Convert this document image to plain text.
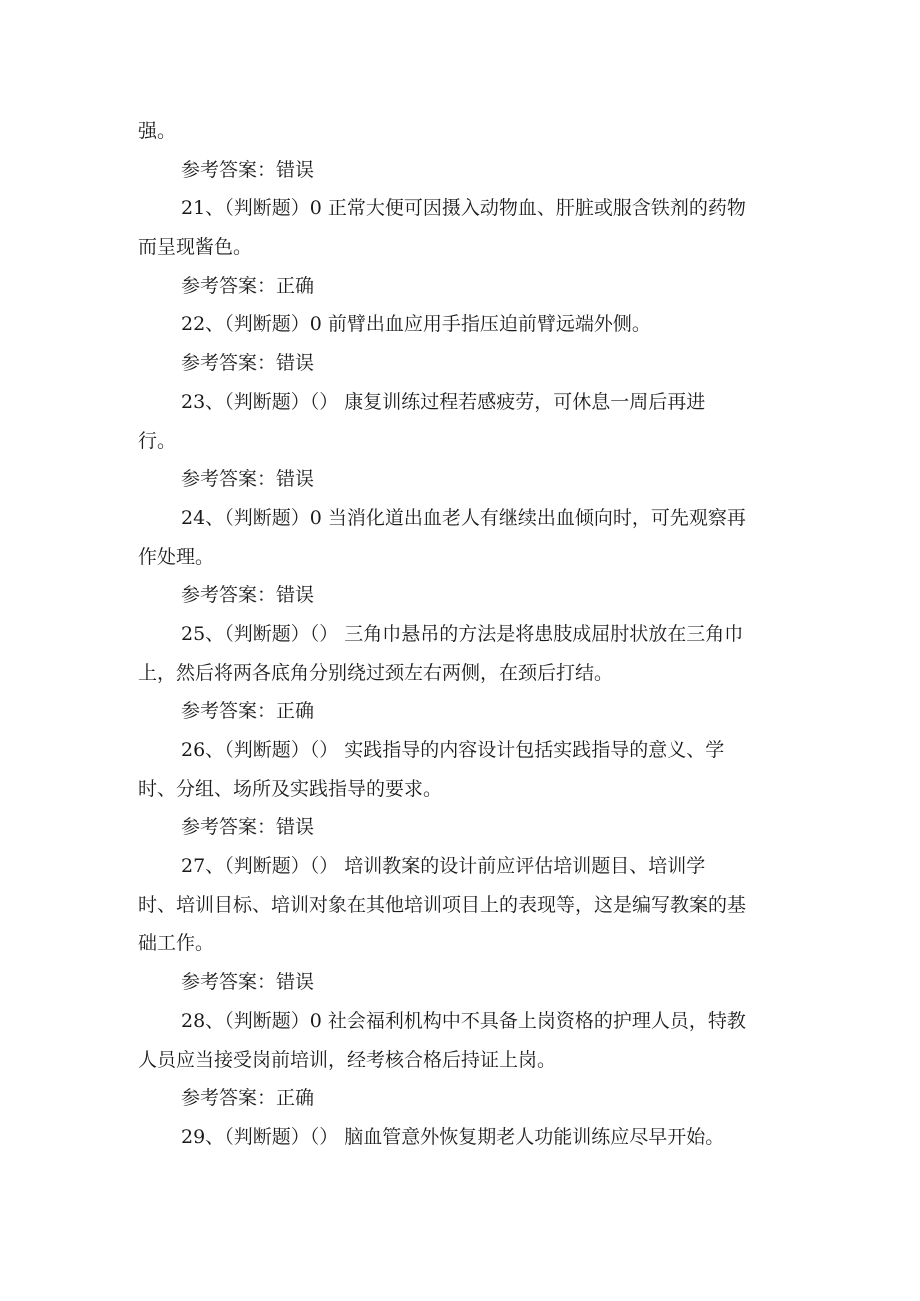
强。
参考答案：错误
21、（判断题）0 正常大便可因摄入动物血、肝脏或服含铁剂的药物
而呈现酱色。
参考答案：正确
22、（判断题）0 前臂出血应用手指压迫前臂远端外侧。
参考答案：错误
23、（判断题）（） 康复训练过程若感疲劳，可休息一周后再进
行。
参考答案：错误
24、（判断题）0 当消化道出血老人有继续出血倾向时，可先观察再
作处理。
参考答案：错误
25、（判断题）（） 三角巾悬吊的方法是将患肢成屈肘状放在三角巾
上，然后将两各底角分别绕过颈左右两侧，在颈后打结。
参考答案：正确
26、（判断题）（） 实践指导的内容设计包括实践指导的意义、学
时、分组、场所及实践指导的要求。
参考答案：错误
27、（判断题）（） 培训教案的设计前应评估培训题目、培训学
时、培训目标、培训对象在其他培训项目上的表现等，这是编写教案的基
础工作。
参考答案：错误
28、（判断题）0 社会福利机构中不具备上岗资格的护理人员，特教
人员应当接受岗前培训，经考核合格后持证上岗。
参考答案：正确
29、（判断题）（） 脑血管意外恢复期老人功能训练应尽早开始。
